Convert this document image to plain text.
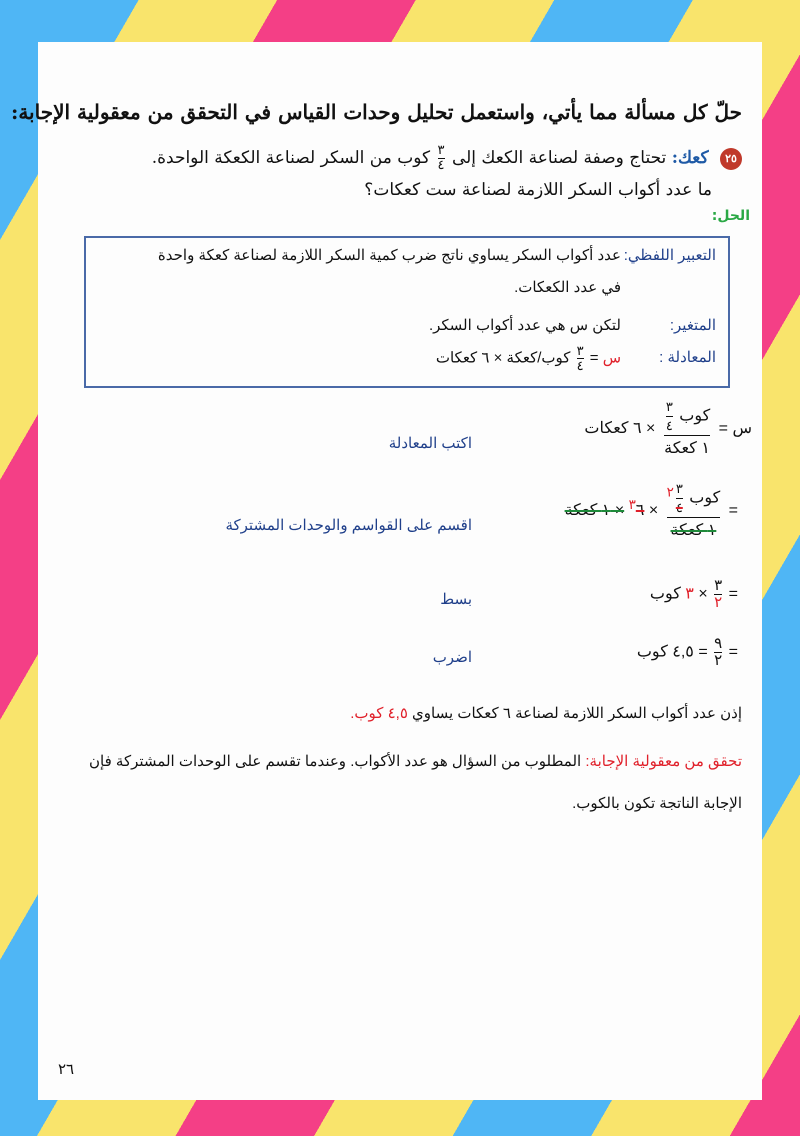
حلّ كل مسألة مما يأتي، واستعمل تحليل وحدات القياس في التحقق من معقولية الإجابة:
٢٥ كعك: تحتاج وصفة لصناعة الكعك إلى
$\frac{٣}{٤}$
كوب من السكر لصناعة الكعكة الواحدة.
ما عدد أكواب السكر اللازمة لصناعة ست كعكات؟
الحل:
التعبير اللفظي:عدد أكواب السكر يساوي ناتج ضرب كمية السكر اللازمة لصناعة كعكة واحدة
في عدد الكعكات.
المتغير:لتكن س هي عدد أكواب السكر.
المعادلة :س =
$\frac{٣}{٤}$
كوب/كعكة × ٦ كعكات
س =
كوب
$\frac{٣}{٤}$
١ كعكة
× ٦ كعكات
اكتب المعادلة
=
كوب
$\frac{٣}{٤}$
$^٢$
١ كعكة
× $^٣$٦ × ١ كعكة
اقسم على القواسم والوحدات المشتركة
=
$\frac{٣}{٢}$
× ٣ كوب
بسط
=
$\frac{٩}{٢}$
= ٤,٥ كوب
اضرب
إذن عدد أكواب السكر اللازمة لصناعة ٦ كعكات يساوي ٤,٥ كوب.
تحقق من معقولية الإجابة: المطلوب من السؤال هو عدد الأكواب. وعندما تقسم على الوحدات المشتركة فإن
الإجابة الناتجة تكون بالكوب.
٢٦
